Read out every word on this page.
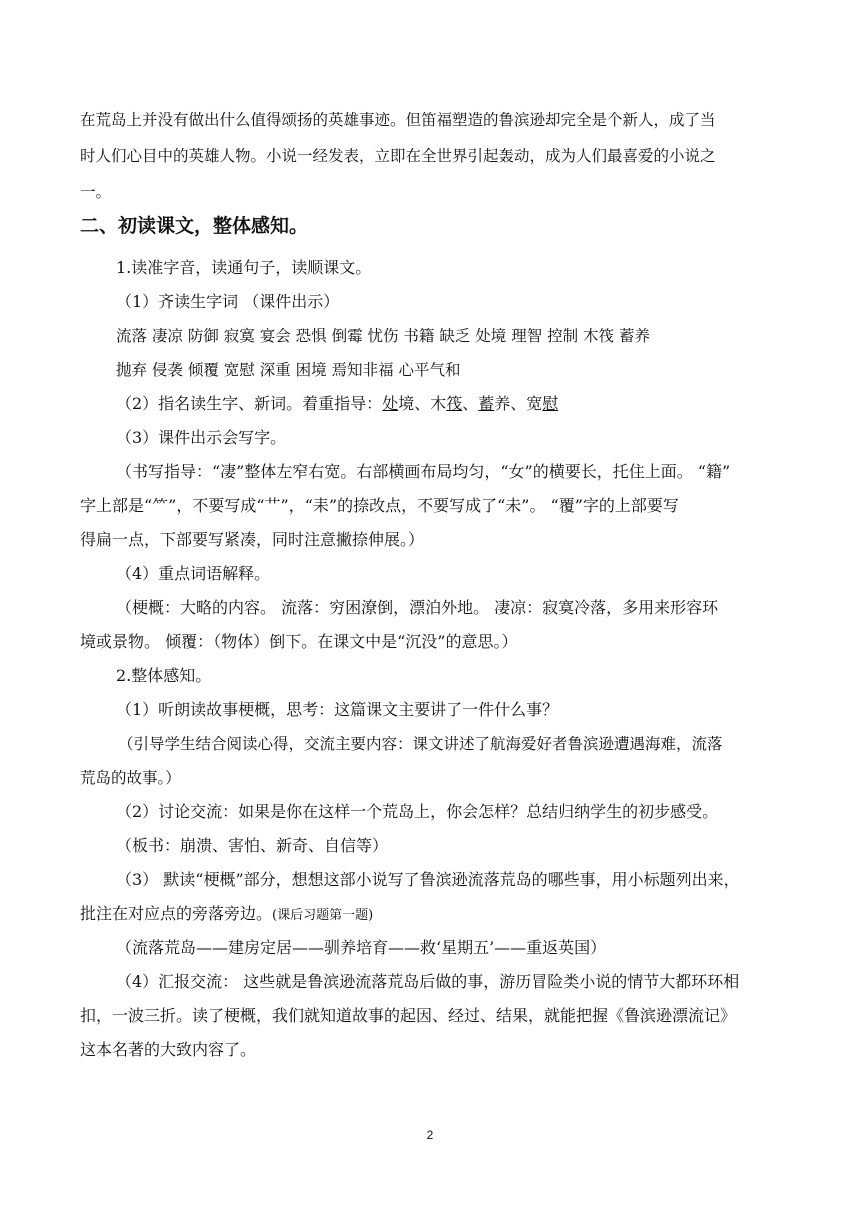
在荒岛上并没有做出什么值得颂扬的英雄事迹。但笛福塑造的鲁滨逊却完全是个新人，成了当
时人们心目中的英雄人物。小说一经发表，立即在全世界引起轰动，成为人们最喜爱的小说之
一。
二、初读课文，整体感知。
1.读准字音，读通句子，读顺课文。
（1）齐读生字词 （课件出示）
流落 凄凉 防御 寂寞 宴会 恐惧 倒霉 忧伤 书籍 缺乏 处境 理智 控制 木筏 蓄养
抛弃 侵袭 倾覆 宽慰 深重 困境 焉知非福 心平气和
（2）指名读生字、新词。着重指导：处境、木筏、蓄养、宽慰
（3）课件出示会写字。
（书写指导：“凄”整体左窄右宽。右部横画布局均匀，“女”的横要长，托住上面。 “籍”
字上部是“⺮”，不要写成“艹”，“耒”的捺改点，不要写成了“未”。 “覆”字的上部要写
得扁一点，下部要写紧凑，同时注意撇捺伸展。）
（4）重点词语解释。
（梗概：大略的内容。 流落：穷困潦倒，漂泊外地。 凄凉：寂寞冷落，多用来形容环
境或景物。 倾覆：（物体）倒下。在课文中是“沉没”的意思。）
2.整体感知。
（1）听朗读故事梗概，思考：这篇课文主要讲了一件什么事？
（引导学生结合阅读心得，交流主要内容：课文讲述了航海爱好者鲁滨逊遭遇海难，流落
荒岛的故事。）
（2）讨论交流：如果是你在这样一个荒岛上，你会怎样？总结归纳学生的初步感受。
（板书：崩溃、害怕、新奇、自信等）
（3） 默读“梗概”部分，想想这部小说写了鲁滨逊流落荒岛的哪些事，用小标题列出来，
批注在对应点的旁落旁边。(课后习题第一题)
（流落荒岛——建房定居——驯养培育——救‘星期五’——重返英国）
（4）汇报交流： 这些就是鲁滨逊流落荒岛后做的事，游历冒险类小说的情节大都环环相
扣，一波三折。读了梗概，我们就知道故事的起因、经过、结果，就能把握《鲁滨逊漂流记》
这本名著的大致内容了。
2
